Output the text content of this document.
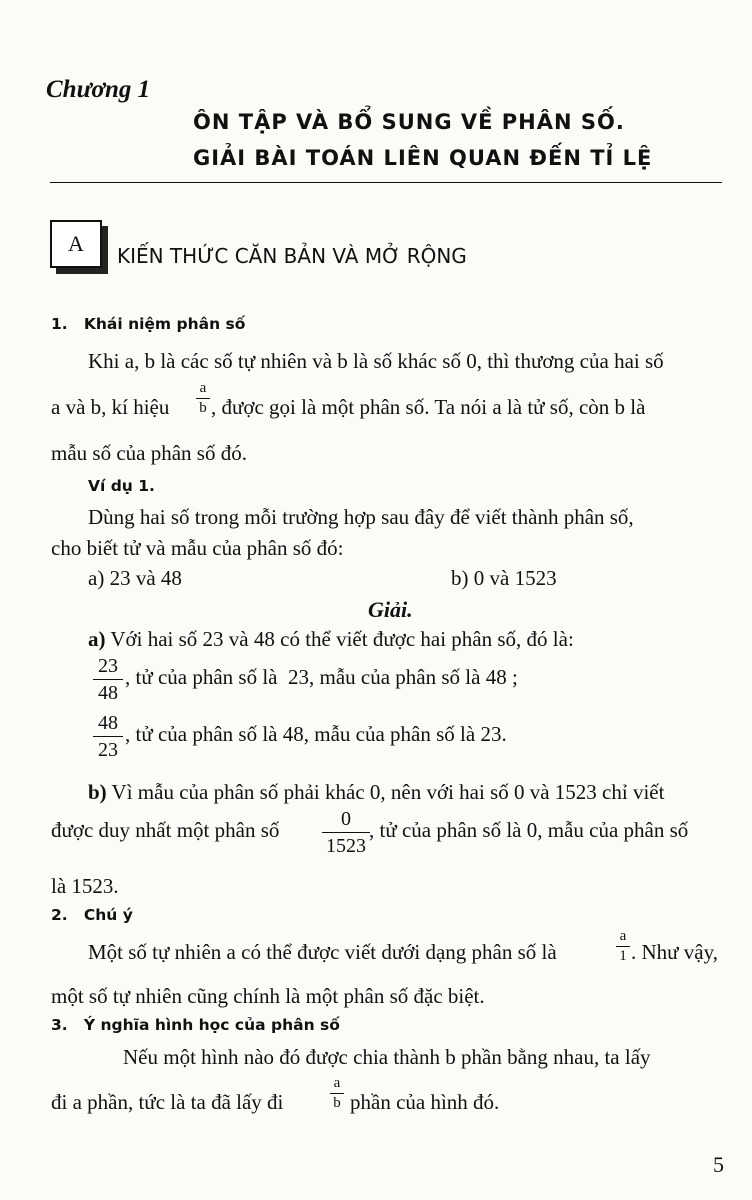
Chương 1
ÔN TẬP VÀ BỔ SUNG VỀ PHÂN SỐ.
GIẢI BÀI TOÁN LIÊN QUAN ĐẾN TỈ LỆ
A KIẾN THỨC CĂN BẢN VÀ MỞ RỘNG
1.   Khái niệm phân số
Khi a, b là các số tự nhiên và b là số khác số 0, thì thương của hai số
a và b, kí hiệu
a
b , được gọi là một phân số. Ta nói a là tử số, còn b là
mẫu số của phân số đó.
Ví dụ 1.
Dùng hai số trong mỗi trường hợp sau đây để viết thành phân số,
cho biết tử và mẫu của phân số đó:
a) 23 và 48	b) 0 và 1523
Giải.
a) Với hai số 23 và 48 có thể viết được hai phân số, đó là:
23
48
, tử của phân số là  23, mẫu của phân số là 48 ;
48
23
, tử của phân số là 48, mẫu của phân số là 23.
b) Vì mẫu của phân số phải khác 0, nên với hai số 0 và 1523 chỉ viết
được duy nhất một phân số	0
1523
, tử của phân số là 0, mẫu của phân số
là 1523.
2.   Chú ý
Một số tự nhiên a có thể được viết dưới dạng phân số là
a
1 . Như vậy,
một số tự nhiên cũng chính là một phân số đặc biệt.
3.   Ý nghĩa hình học của phân số
Nếu một hình nào đó được chia thành b phần bằng nhau, ta lấy
đi a phần, tức là ta đã lấy đi
a
b phần của hình đó.
5
